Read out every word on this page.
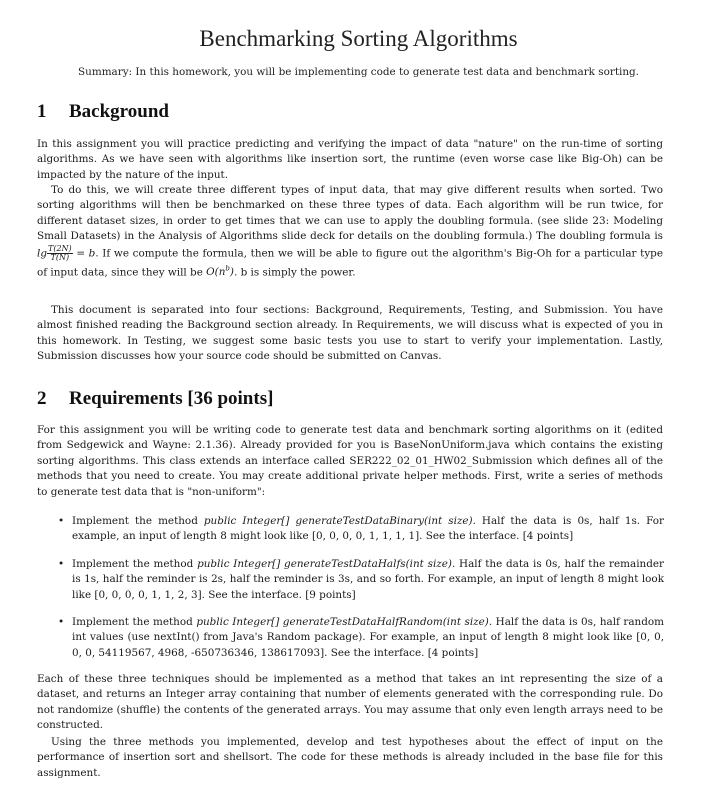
Benchmarking Sorting Algorithms
Summary: In this homework, you will be implementing code to generate test data and benchmark sorting.
1 Background
In this assignment you will practice predicting and verifying the impact of data "nature" on the run-time of sorting algorithms. As we have seen with algorithms like insertion sort, the runtime (even worse case like Big-Oh) can be impacted by the nature of the input.
To do this, we will create three different types of input data, that may give different results when sorted. Two sorting algorithms will then be benchmarked on these three types of data. Each algorithm will be run twice, for different dataset sizes, in order to get times that we can use to apply the doubling formula. (see slide 23: Modeling Small Datasets) in the Analysis of Algorithms slide deck for details on the doubling formula.) The doubling formula is $\lg \frac{T(2N)}{T(N)} = b$. If we compute the formula, then we will be able to figure out the algorithm's Big-Oh for a particular type of input data, since they will be $O(n^b)$. b is simply the power.
This document is separated into four sections: Background, Requirements, Testing, and Submission. You have almost finished reading the Background section already. In Requirements, we will discuss what is expected of you in this homework. In Testing, we suggest some basic tests you use to start to verify your implementation. Lastly, Submission discusses how your source code should be submitted on Canvas.
2 Requirements [36 points]
For this assignment you will be writing code to generate test data and benchmark sorting algorithms on it (edited from Sedgewick and Wayne: 2.1.36). Already provided for you is BaseNonUniform.java which contains the existing sorting algorithms. This class extends an interface called SER222_02_01_HW02_Submission which defines all of the methods that you need to create. You may create additional private helper methods. First, write a series of methods to generate test data that is "non-uniform":
• Implement the method public Integer[] generateTestDataBinary(int size). Half the data is 0s, half 1s. For example, an input of length 8 might look like [0, 0, 0, 0, 1, 1, 1, 1]. See the interface. [4 points]
• Implement the method public Integer[] generateTestDataHalfs(int size). Half the data is 0s, half the remainder is 1s, half the reminder is 2s, half the reminder is 3s, and so forth. For example, an input of length 8 might look like [0, 0, 0, 0, 1, 1, 2, 3]. See the interface. [9 points]
• Implement the method public Integer[] generateTestDataHalfRandom(int size). Half the data is 0s, half random int values (use nextInt() from Java's Random package). For example, an input of length 8 might look like [0, 0, 0, 0, 54119567, 4968, -650736346, 138617093]. See the interface. [4 points]
Each of these three techniques should be implemented as a method that takes an int representing the size of a dataset, and returns an Integer array containing that number of elements generated with the corresponding rule. Do not randomize (shuffle) the contents of the generated arrays. You may assume that only even length arrays need to be constructed.
Using the three methods you implemented, develop and test hypotheses about the effect of input on the performance of insertion sort and shellsort. The code for these methods is already included in the base file for this assignment.
